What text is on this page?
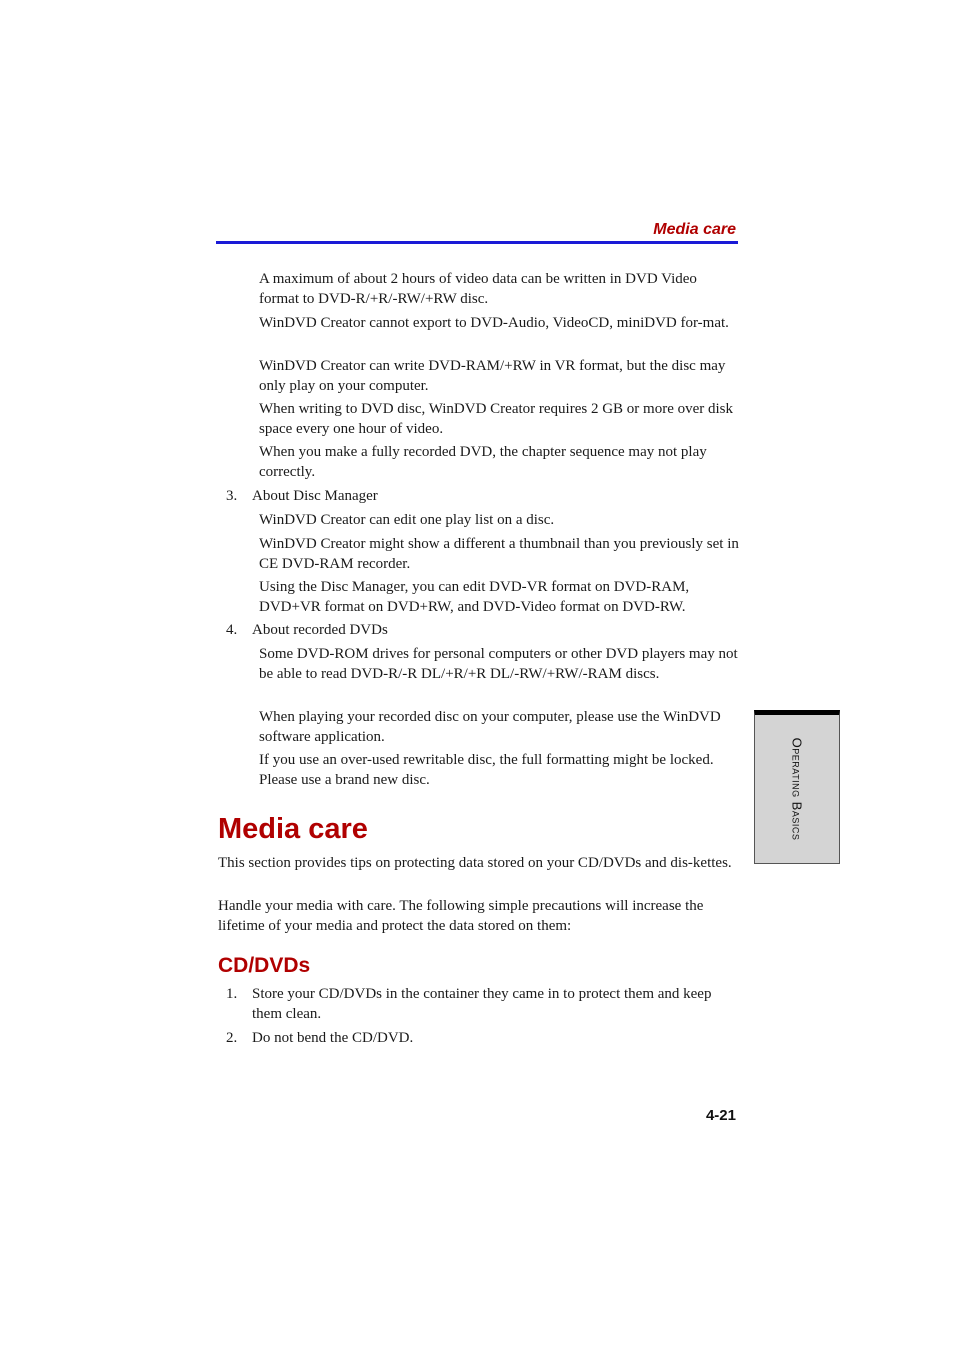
Media care

A maximum of about 2 hours of video data can be written in DVD Video format to DVD-R/+R/-RW/+RW disc.

WinDVD Creator cannot export to DVD-Audio, VideoCD, miniDVD for-mat.

WinDVD Creator can write DVD-RAM/+RW in VR format, but the disc may only play on your computer.

When writing to DVD disc, WinDVD Creator requires 2 GB or more over disk space every one hour of video.

When you make a fully recorded DVD, the chapter sequence may not play correctly.

3. About Disc Manager

WinDVD Creator can edit one play list on a disc.

WinDVD Creator might show a different a thumbnail than you previously set in CE DVD-RAM recorder.

Using the Disc Manager, you can edit DVD-VR format on DVD-RAM, DVD+VR format on DVD+RW, and DVD-Video format on DVD-RW.

4. About recorded DVDs

Some DVD-ROM drives for personal computers or other DVD players may not be able to read DVD-R/-R DL/+R/+R DL/-RW/+RW/-RAM discs.

When playing your recorded disc on your computer, please use the WinDVD software application.

If you use an over-used rewritable disc, the full formatting might be locked. Please use a brand new disc.

Media care

This section provides tips on protecting data stored on your CD/DVDs and dis-kettes.

Handle your media with care. The following simple precautions will increase the lifetime of your media and protect the data stored on them:

CD/DVDs
1. Store your CD/DVDs in the container they came in to protect them and keep them clean.
2. Do not bend the CD/DVD.
Operating Basics

4-21
